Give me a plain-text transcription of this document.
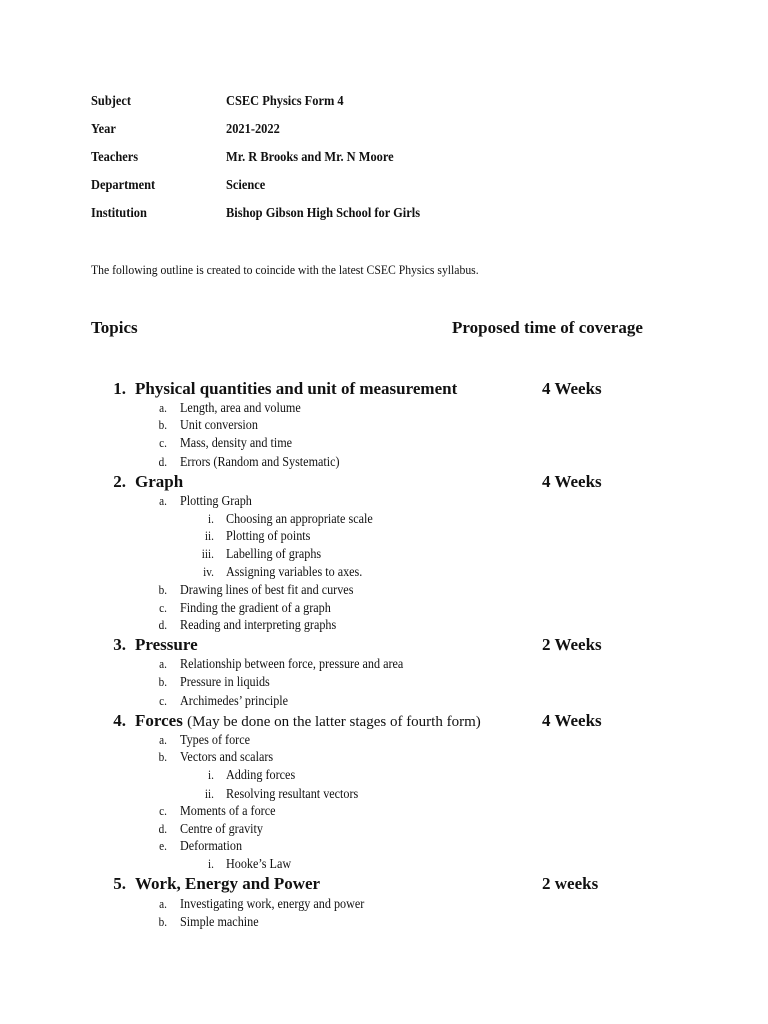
Subject	CSEC Physics Form 4
Year	2021-2022
Teachers	Mr. R Brooks and Mr. N Moore
Department	Science
Institution	Bishop Gibson High School for Girls
The following outline is created to coincide with the latest CSEC Physics syllabus.
Topics	Proposed time of coverage
1. Physical quantities and unit of measurement	4 Weeks
a. Length, area and volume
b. Unit conversion
c. Mass, density and time
d. Errors (Random and Systematic)
2. Graph	4 Weeks
a. Plotting Graph
i. Choosing an appropriate scale
ii. Plotting of points
iii. Labelling of graphs
iv. Assigning variables to axes.
b. Drawing lines of best fit and curves
c. Finding the gradient of a graph
d. Reading and interpreting graphs
3. Pressure	2 Weeks
a. Relationship between force, pressure and area
b. Pressure in liquids
c. Archimedes’ principle
4. Forces (May be done on the latter stages of fourth form)	4 Weeks
a. Types of force
b. Vectors and scalars
i. Adding forces
ii. Resolving resultant vectors
c. Moments of a force
d. Centre of gravity
e. Deformation
i. Hooke’s Law
5. Work, Energy and Power	2 weeks
a. Investigating work, energy and power
b. Simple machine
